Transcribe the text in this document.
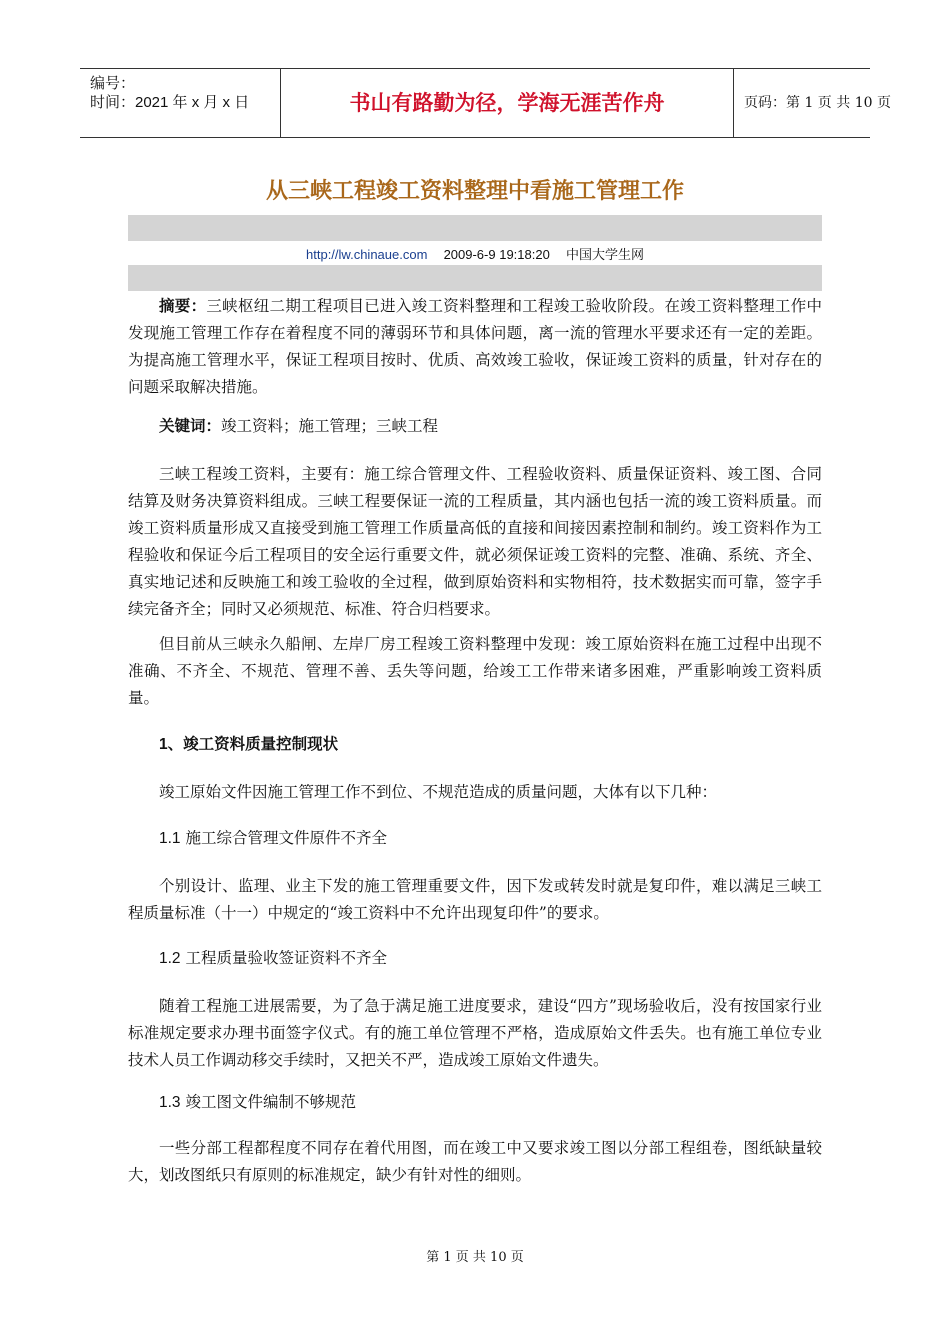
编号：
时间：2021 年 x 月 x 日	书山有路勤为径，学海无涯苦作舟	页码：第 1 页 共 10 页
从三峡工程竣工资料整理中看施工管理工作
http://lw.chinaue.com 2009-6-9 19:18:20 中国大学生网

摘要：三峡枢纽二期工程项目已进入竣工资料整理和工程竣工验收阶段。在竣工资料整理工作中发现施工管理工作存在着程度不同的薄弱环节和具体问题，离一流的管理水平要求还有一定的差距。为提高施工管理水平，保证工程项目按时、优质、高效竣工验收，保证竣工资料的质量，针对存在的问题采取解决措施。

关键词：竣工资料；施工管理；三峡工程

三峡工程竣工资料，主要有：施工综合管理文件、工程验收资料、质量保证资料、竣工图、合同结算及财务决算资料组成。三峡工程要保证一流的工程质量，其内涵也包括一流的竣工资料质量。而竣工资料质量形成又直接受到施工管理工作质量高低的直接和间接因素控制和制约。竣工资料作为工程验收和保证今后工程项目的安全运行重要文件，就必须保证竣工资料的完整、准确、系统、齐全、真实地记述和反映施工和竣工验收的全过程，做到原始资料和实物相符，技术数据实而可靠，签字手续完备齐全；同时又必须规范、标准、符合归档要求。

但目前从三峡永久船闸、左岸厂房工程竣工资料整理中发现：竣工原始资料在施工过程中出现不准确、不齐全、不规范、管理不善、丢失等问题，给竣工工作带来诸多困难，严重影响竣工资料质量。

1、竣工资料质量控制现状

竣工原始文件因施工管理工作不到位、不规范造成的质量问题，大体有以下几种：

1.1 施工综合管理文件原件不齐全

个别设计、监理、业主下发的施工管理重要文件，因下发或转发时就是复印件，难以满足三峡工程质量标准（十一）中规定的“竣工资料中不允许出现复印件”的要求。

1.2 工程质量验收签证资料不齐全

随着工程施工进展需要，为了急于满足施工进度要求，建设“四方”现场验收后，没有按国家行业标准规定要求办理书面签字仪式。有的施工单位管理不严格，造成原始文件丢失。也有施工单位专业技术人员工作调动移交手续时，又把关不严，造成竣工原始文件遗失。

1.3 竣工图文件编制不够规范

一些分部工程都程度不同存在着代用图，而在竣工中又要求竣工图以分部工程组卷，图纸缺量较大，划改图纸只有原则的标准规定，缺少有针对性的细则。

第 1 页 共 10 页
